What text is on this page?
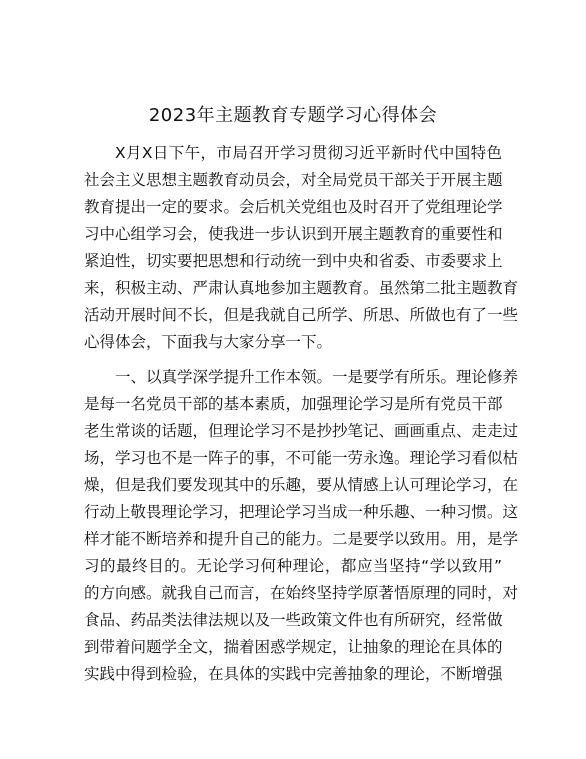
2023年主题教育专题学习心得体会

X月X日下午，市局召开学习贯彻习近平新时代中国特色
社会主义思想主题教育动员会，对全局党员干部关于开展主题
教育提出一定的要求。会后机关党组也及时召开了党组理论学
习中心组学习会，使我进一步认识到开展主题教育的重要性和
紧迫性，切实要把思想和行动统一到中央和省委、市委要求上
来，积极主动、严肃认真地参加主题教育。虽然第二批主题教育
活动开展时间不长，但是我就自己所学、所思、所做也有了一些
心得体会，下面我与大家分享一下。

一、以真学深学提升工作本领。一是要学有所乐。理论修养
是每一名党员干部的基本素质，加强理论学习是所有党员干部
老生常谈的话题，但理论学习不是抄抄笔记、画画重点、走走过
场，学习也不是一阵子的事，不可能一劳永逸。理论学习看似枯
燥，但是我们要发现其中的乐趣，要从情感上认可理论学习，在
行动上敬畏理论学习，把理论学习当成一种乐趣、一种习惯。这
样才能不断培养和提升自己的能力。二是要学以致用。用，是学
习的最终目的。无论学习何种理论，都应当坚持“学以致用”
的方向感。就我自己而言，在始终坚持学原著悟原理的同时，对
食品、药品类法律法规以及一些政策文件也有所研究，经常做
到带着问题学全文，揣着困惑学规定，让抽象的理论在具体的
实践中得到检验，在具体的实践中完善抽象的理论，不断增强
